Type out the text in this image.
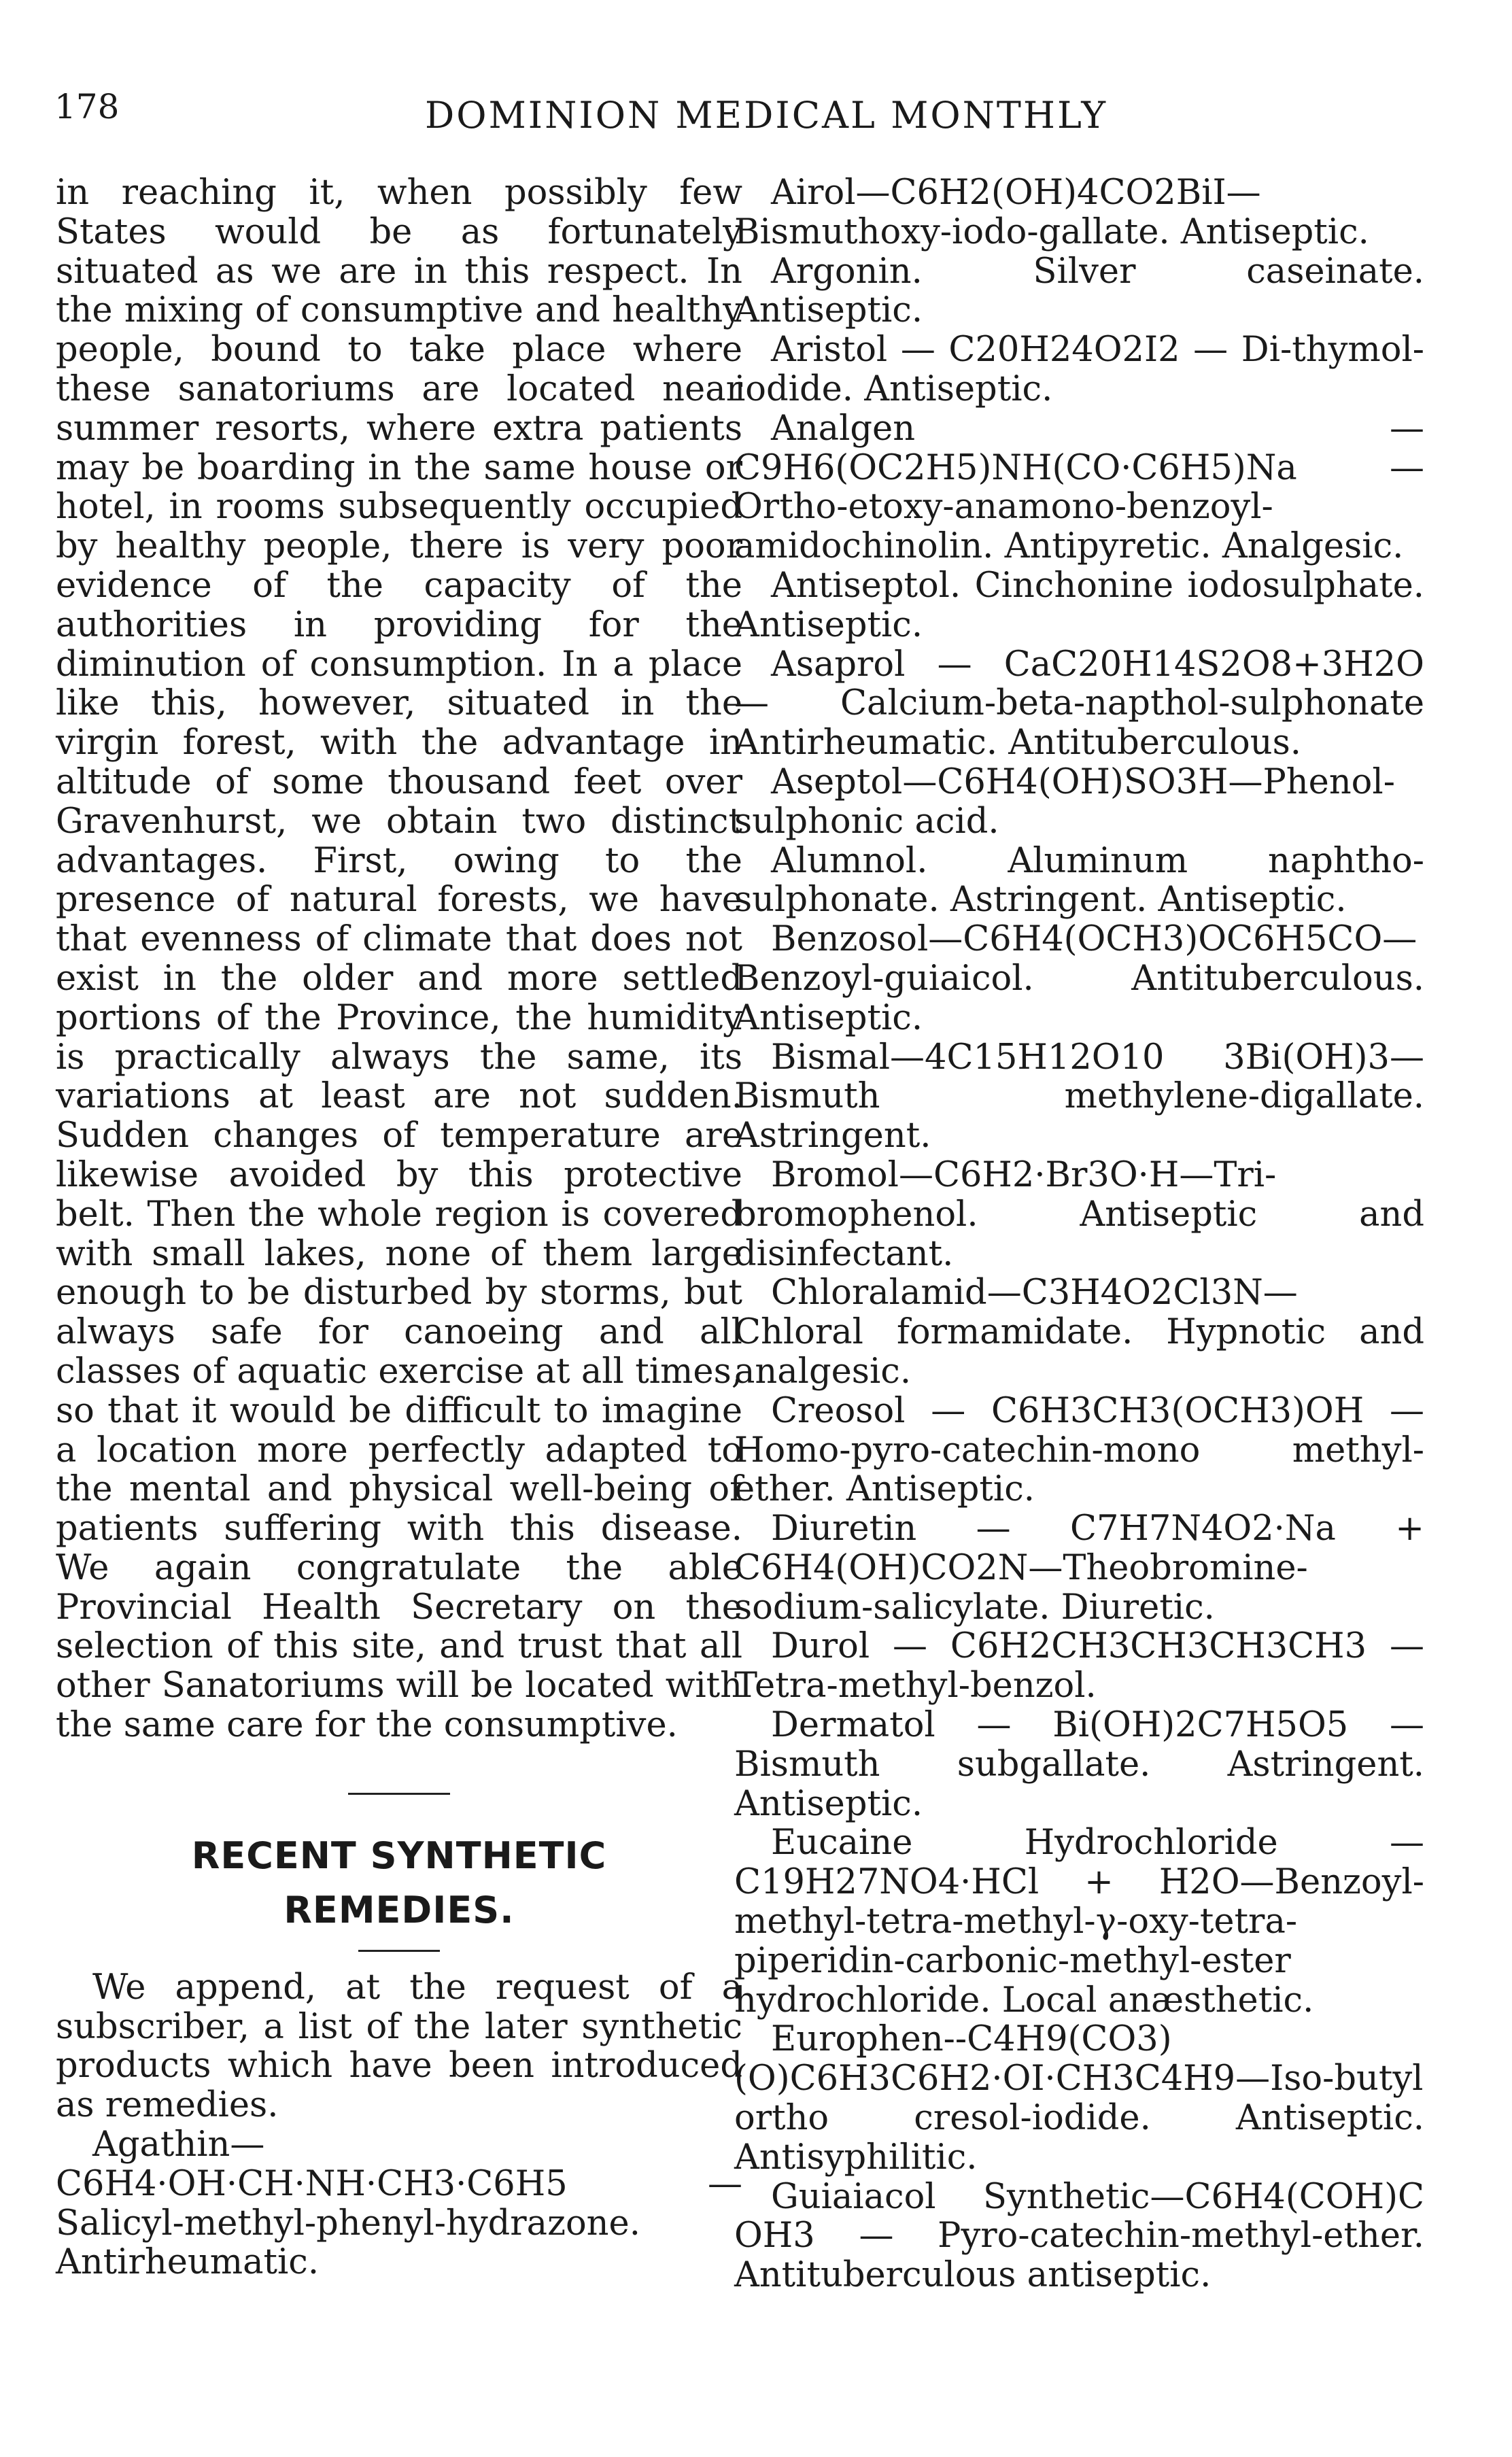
178	DOMINION MEDICAL MONTHLY

in reaching it, when possibly few States would be as fortunately situated as we are in this respect. In the mixing of consumptive and healthy people, bound to take place where these sanatoriums are located near summer resorts, where extra patients may be boarding in the same house or hotel, in rooms subsequently occupied by healthy people, there is very poor evidence of the capacity of the authorities in providing for the diminution of consumption. In a place like this, however, situated in the virgin forest, with the advantage in altitude of some thousand feet over Gravenhurst, we obtain two distinct advantages. First, owing to the presence of natural forests, we have that evenness of climate that does not exist in the older and more settled portions of the Province, the humidity is practically always the same, its variations at least are not sudden. Sudden changes of temperature are likewise avoided by this protective belt. Then the whole region is covered with small lakes, none of them large enough to be disturbed by storms, but always safe for canoeing and all classes of aquatic exercise at all times, so that it would be difficult to imagine a location more perfectly adapted to the mental and physical well-being of patients suffering with this disease. We again congratulate the able Provincial Health Secretary on the selection of this site, and trust that all other Sanatoriums will be located with the same care for the consumptive.

RECENT SYNTHETIC
REMEDIES.

We append, at the request of a subscriber, a list of the later synthetic products which have been introduced as remedies.

Agathin—C6H4·OH·CH·NH·CH3·C6H5 — Salicyl-methyl-phenyl-hydrazone. Antirheumatic.

Airol—C6H2(OH)4CO2BiI—Bismuthoxy-iodo-gallate. Antiseptic.

Argonin. Silver caseinate. Antiseptic.

Aristol — C20H24O2I2 — Di-thymol-iodide. Antiseptic.

Analgen — C9H6(OC2H5)NH(CO·C6H5)Na — Ortho-etoxy-anamono-benzoyl-amidochinolin. Antipyretic. Analgesic.

Antiseptol. Cinchonine iodosulphate. Antiseptic.

Asaprol — CaC20H14S2O8+3H2O — Calcium-beta-napthol-sulphonate Antirheumatic. Antituberculous.

Aseptol—C6H4(OH)SO3H—Phenol-sulphonic acid.

Alumnol. Aluminum naphtho-sulphonate. Astringent. Antiseptic.

Benzosol—C6H4(OCH3)OC6H5CO—Benzoyl-guiaicol. Antituberculous. Antiseptic.

Bismal—4C15H12O10 3Bi(OH)3—Bismuth methylene-digallate. Astringent.

Bromol—C6H2·Br3O·H—Tri-bromophenol. Antiseptic and disinfectant.

Chloralamid—C3H4O2Cl3N—Chloral formamidate. Hypnotic and analgesic.

Creosol — C6H3CH3(OCH3)OH — Homo-pyro-catechin-mono methyl-ether. Antiseptic.

Diuretin — C7H7N4O2·Na + C6H4(OH)CO2N—Theobromine-sodium-salicylate. Diuretic.

Durol — C6H2CH3CH3CH3CH3 — Tetra-methyl-benzol.

Dermatol — Bi(OH)2C7H5O5 — Bismuth subgallate. Astringent. Antiseptic.

Eucaine Hydrochloride — C19H27NO4·HCl + H2O—Benzoyl-methyl-tetra-methyl-γ-oxy-tetra-piperidin-carbonic-methyl-ester hydrochloride. Local anæsthetic.

Europhen--C4H9(CO3)(O)C6H3C6H2·OI·CH3C4H9—Iso-butyl ortho cresol-iodide. Antiseptic. Antisyphilitic.

Guiaiacol Synthetic—C6H4(COH)C OH3 — Pyro-catechin-methyl-ether. Antituberculous antiseptic.
